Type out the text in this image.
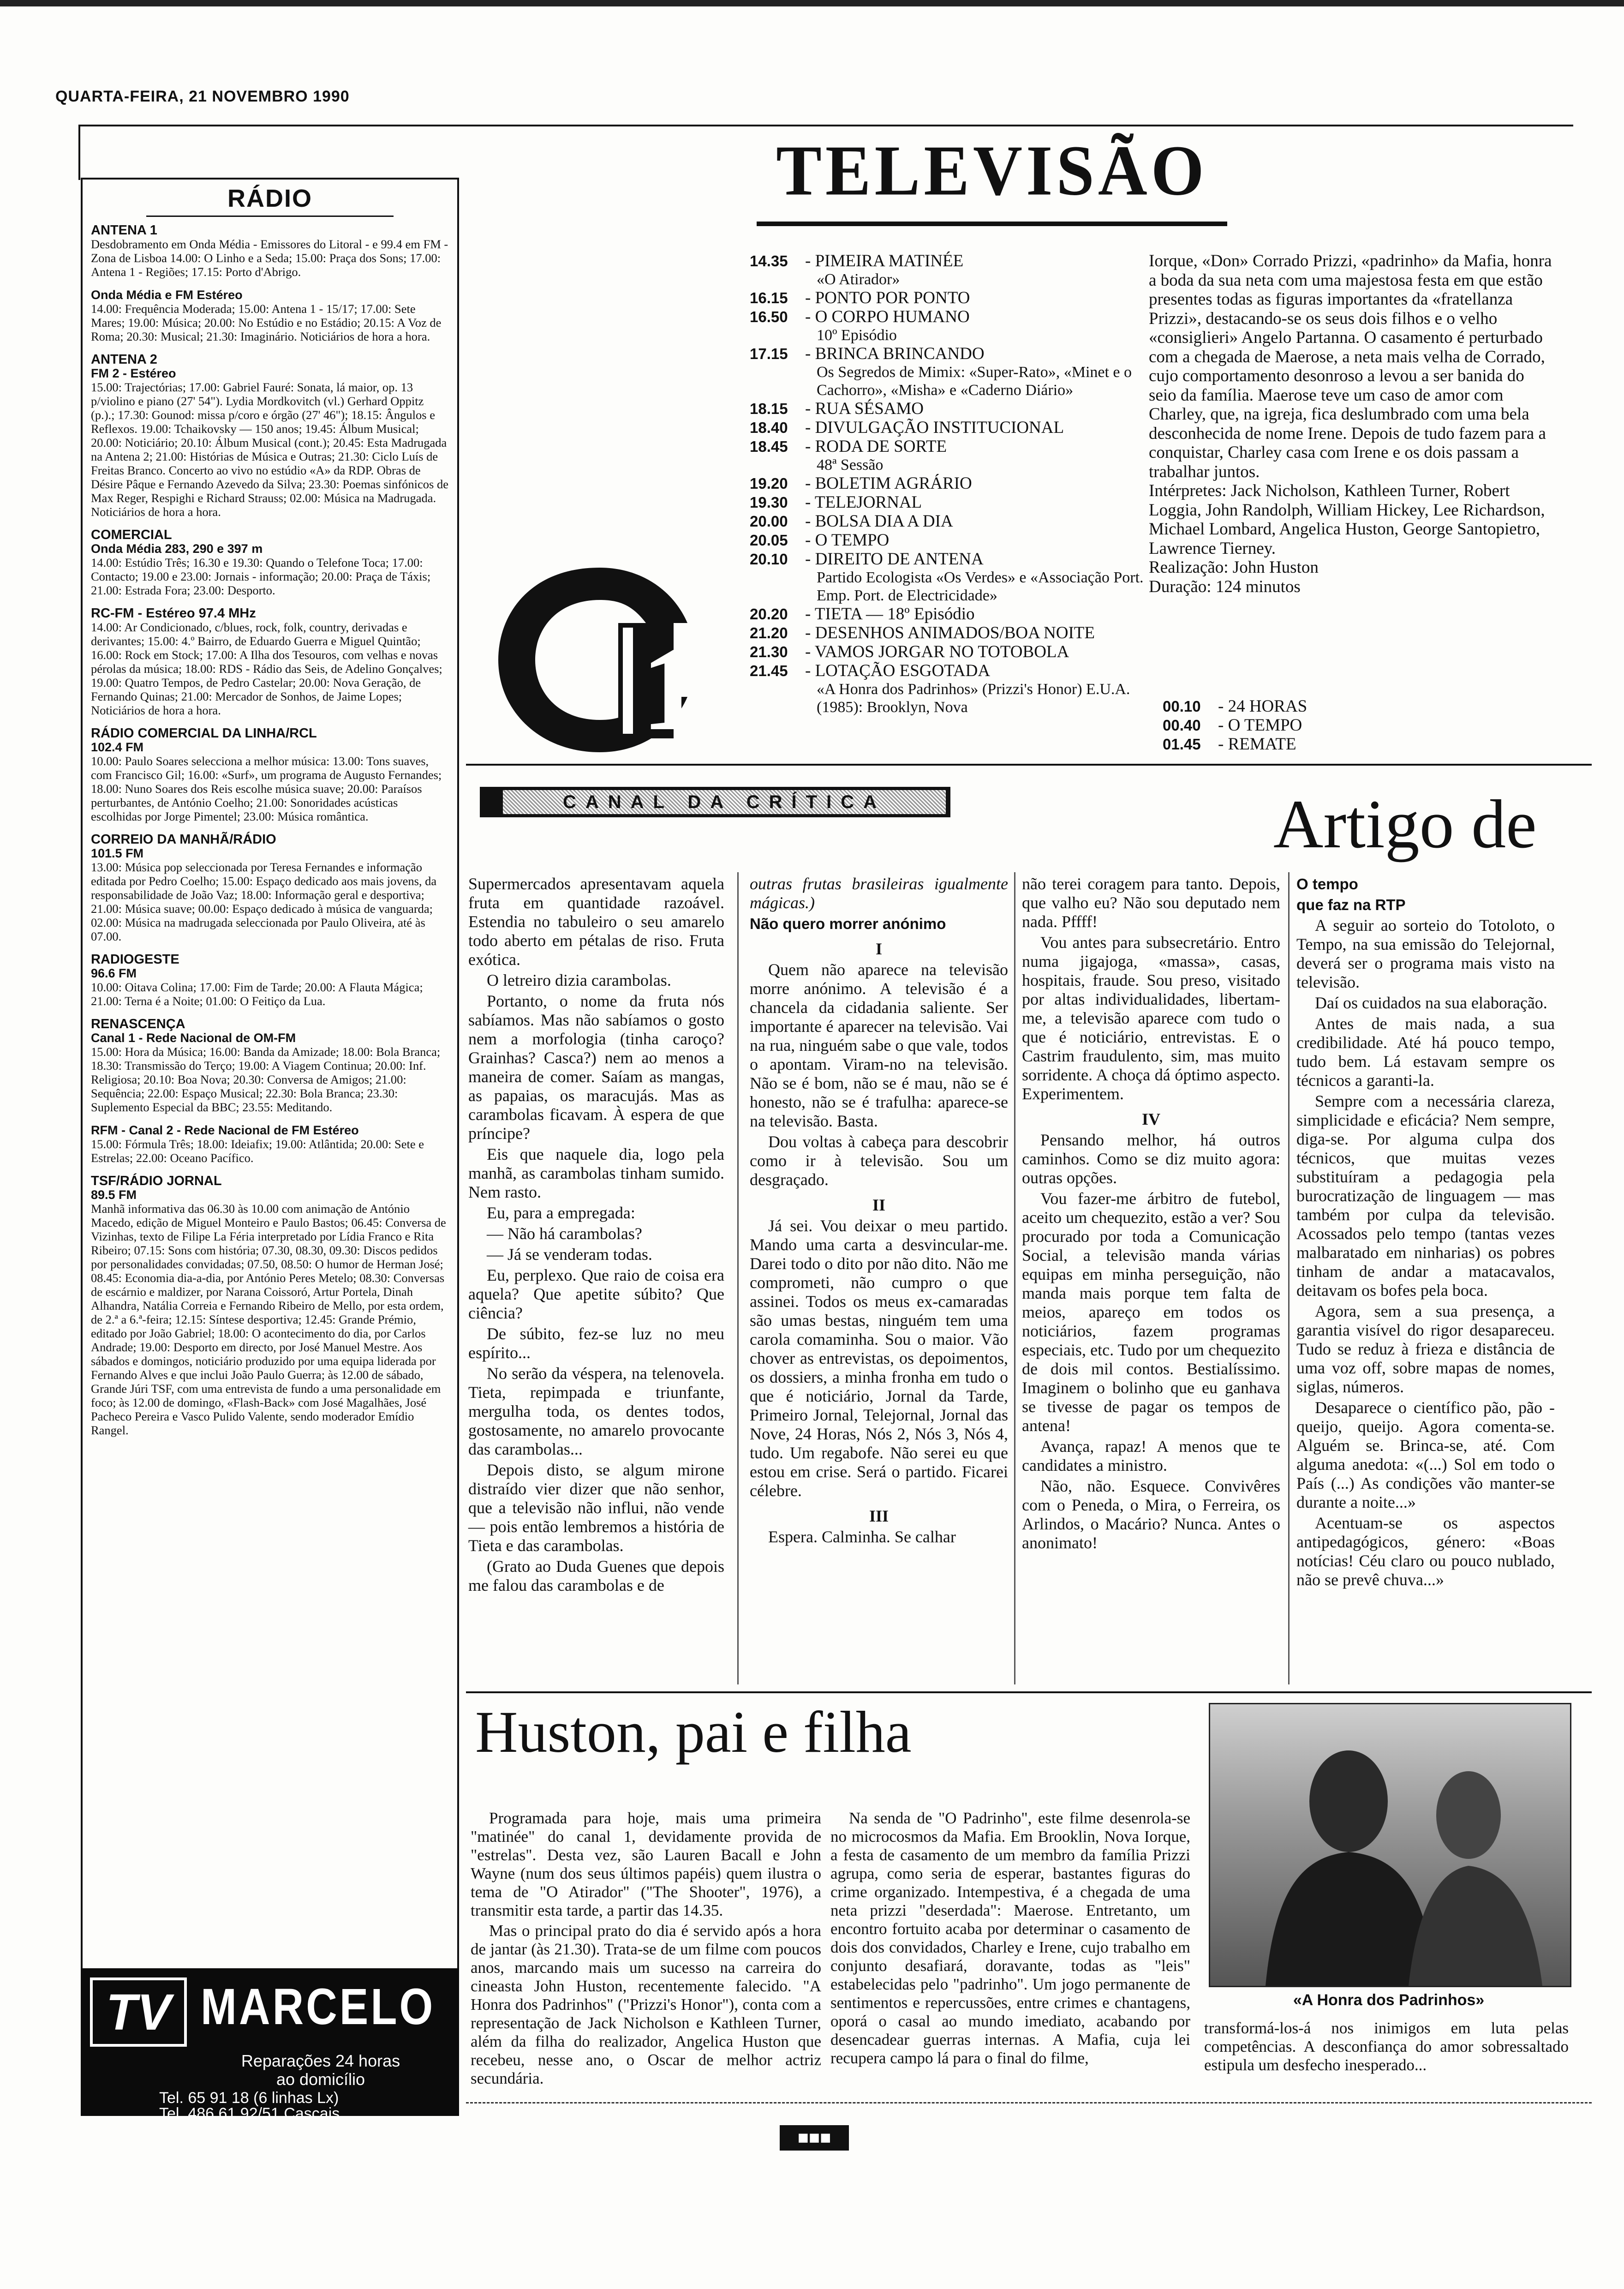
QUARTA-FEIRA, 21 NOVEMBRO 1990
RÁDIO
ANTENA 1
Desdobramento em Onda Média - Emissores do Litoral - e 99.4 em FM - Zona de Lisboa 14.00: O Linho e a Seda; 15.00: Praça dos Sons; 17.00: Antena 1 - Regiões; 17.15: Porto d'Abrigo.
Onda Média e FM Estéreo
14.00: Frequência Moderada; 15.00: Antena 1 - 15/17; 17.00: Sete Mares; 19.00: Música; 20.00: No Estúdio e no Estádio; 20.15: A Voz de Roma; 20.30: Musical; 21.30: Imaginário. Noticiários de hora a hora.
ANTENA 2
FM 2 - Estéreo
15.00: Trajectórias; 17.00: Gabriel Fauré: Sonata, lá maior, op. 13 p/violino e piano (27' 54"). Lydia Mordkovitch (vl.) Gerhard Oppitz (p.).; 17.30: Gounod: missa p/coro e órgão (27' 46"); 18.15: Ângulos e Reflexos. 19.00: Tchaikovsky — 150 anos; 19.45: Álbum Musical; 20.00: Noticiário; 20.10: Álbum Musical (cont.); 20.45: Esta Madrugada na Antena 2; 21.00: Histórias de Música e Outras; 21.30: Ciclo Luís de Freitas Branco. Concerto ao vivo no estúdio «A» da RDP. Obras de Désire Pâque e Fernando Azevedo da Silva; 23.30: Poemas sinfónicos de Max Reger, Respighi e Richard Strauss; 02.00: Música na Madrugada. Noticiários de hora a hora.
COMERCIAL
Onda Média 283, 290 e 397 m
14.00: Estúdio Três; 16.30 e 19.30: Quando o Telefone Toca; 17.00: Contacto; 19.00 e 23.00: Jornais - informação; 20.00: Praça de Táxis; 21.00: Estrada Fora; 23.00: Desporto.
RC-FM - Estéreo 97.4 MHz
14.00: Ar Condicionado, c/blues, rock, folk, country, derivadas e derivantes; 15.00: 4.º Bairro, de Eduardo Guerra e Miguel Quintão; 16.00: Rock em Stock; 17.00: A Ilha dos Tesouros, com velhas e novas pérolas da música; 18.00: RDS - Rádio das Seis, de Adelino Gonçalves; 19.00: Quatro Tempos, de Pedro Castelar; 20.00: Nova Geração, de Fernando Quinas; 21.00: Mercador de Sonhos, de Jaime Lopes; Noticiários de hora a hora.
RÁDIO COMERCIAL DA LINHA/RCL
102.4 FM
10.00: Paulo Soares selecciona a melhor música: 13.00: Tons suaves, com Francisco Gil; 16.00: «Surf», um programa de Augusto Fernandes; 18.00: Nuno Soares dos Reis escolhe música suave; 20.00: Paraísos perturbantes, de António Coelho; 21.00: Sonoridades acústicas escolhidas por Jorge Pimentel; 23.00: Música romântica.
CORREIO DA MANHÃ/RÁDIO
101.5 FM
13.00: Música pop seleccionada por Teresa Fernandes e informação editada por Pedro Coelho; 15.00: Espaço dedicado aos mais jovens, da responsabilidade de João Vaz; 18.00: Informação geral e desportiva; 21.00: Música suave; 00.00: Espaço dedicado à música de vanguarda; 02.00: Música na madrugada seleccionada por Paulo Oliveira, até às 07.00.
RADIOGESTE
96.6 FM
10.00: Oitava Colina; 17.00: Fim de Tarde; 20.00: A Flauta Mágica; 21.00: Terna é a Noite; 01.00: O Feitiço da Lua.
RENASCENÇA
Canal 1 - Rede Nacional de OM-FM
15.00: Hora da Música; 16.00: Banda da Amizade; 18.00: Bola Branca; 18.30: Transmissão do Terço; 19.00: A Viagem Continua; 20.00: Inf. Religiosa; 20.10: Boa Nova; 20.30: Conversa de Amigos; 21.00: Sequência; 22.00: Espaço Musical; 22.30: Bola Branca; 23.30: Suplemento Especial da BBC; 23.55: Meditando.
RFM - Canal 2 - Rede Nacional de FM Estéreo
15.00: Fórmula Três; 18.00: Ideiafix; 19.00: Atlântida; 20.00: Sete e Estrelas; 22.00: Oceano Pacífico.
TSF/RÁDIO JORNAL
89.5 FM
Manhã informativa das 06.30 às 10.00 com animação de António Macedo, edição de Miguel Monteiro e Paulo Bastos; 06.45: Conversa de Vizinhas, texto de Filipe La Féria interpretado por Lídia Franco e Rita Ribeiro; 07.15: Sons com história; 07.30, 08.30, 09.30: Discos pedidos por personalidades convidadas; 07.50, 08.50: O humor de Herman José; 08.45: Economia dia-a-dia, por António Peres Metelo; 08.30: Conversas de escárnio e maldizer, por Narana Coissoró, Artur Portela, Dinah Alhandra, Natália Correia e Fernando Ribeiro de Mello, por esta ordem, de 2.ª a 6.ª-feira; 12.15: Síntese desportiva; 12.45: Grande Prémio, editado por João Gabriel; 18.00: O acontecimento do dia, por Carlos Andrade; 19.00: Desporto em directo, por José Manuel Mestre. Aos sábados e domingos, noticiário produzido por uma equipa liderada por Fernando Alves e que inclui João Paulo Guerra; às 12.00 de sábado, Grande Júri TSF, com uma entrevista de fundo a uma personalidade em foco; às 12.00 de domingo, «Flash-Back» com José Magalhães, José Pacheco Pereira e Vasco Pulido Valente, sendo moderador Emídio Rangel.
TELEVISÃO
1
14.35	- PIMEIRA MATINÉE
«O Atirador»
16.15	- PONTO POR PONTO
16.50	- O CORPO HUMANO
10º Episódio
17.15	- BRINCA BRINCANDO
Os Segredos de Mimix: «Super-Rato», «Minet e o Cachorro», «Misha» e «Caderno Diário»
18.15	- RUA SÉSAMO
18.40	- DIVULGAÇÃO INSTITUCIONAL
18.45	- RODA DE SORTE
48ª Sessão
19.20	- BOLETIM AGRÁRIO
19.30	- TELEJORNAL
20.00	- BOLSA DIA A DIA
20.05	- O TEMPO
20.10	- DIREITO DE ANTENA
Partido Ecologista «Os Verdes» e «Associação Port. Emp. Port. de Electricidade»
20.20	- TIETA — 18º Episódio
21.20	- DESENHOS ANIMADOS/BOA NOITE
21.30	- VAMOS JORGAR NO TOTOBOLA
21.45	- LOTAÇÃO ESGOTADA
«A Honra dos Padrinhos» (Prizzi's Honor) E.U.A. (1985): Brooklyn, Nova

Iorque, «Don» Corrado Prizzi, «padrinho» da Mafia, honra a boda da sua neta com uma majestosa festa em que estão presentes todas as figuras importantes da «fratellanza Prizzi», destacando-se os seus dois filhos e o velho «consiglieri» Angelo Partanna. O casamento é perturbado com a chegada de Maerose, a neta mais velha de Corrado, cujo comportamento desonroso a levou a ser banida do seio da família. Maerose teve um caso de amor com Charley, que, na igreja, fica deslumbrado com uma bela desconhecida de nome Irene. Depois de tudo fazem para a conquistar, Charley casa com Irene e os dois passam a trabalhar juntos.

Intérpretes: Jack Nicholson, Kathleen Turner, Robert Loggia, John Randolph, William Hickey, Lee Richardson, Michael Lombard, Angelica Huston, George Santopietro, Lawrence Tierney.

Realização: John Huston

Duração: 124 minutos

00.10	- 24 HORAS
00.40	- O TEMPO
01.45	- REMATE
CANAL DA CRÍTICA	Artigo de

Supermercados apresentavam aquela fruta em quantidade razoável. Estendia no tabuleiro o seu amarelo todo aberto em pétalas de riso. Fruta exótica.

O letreiro dizia carambolas.

Portanto, o nome da fruta nós sabíamos. Mas não sabíamos o gosto nem a morfologia (tinha caroço? Grainhas? Casca?) nem ao menos a maneira de comer. Saíam as mangas, as papaias, os maracujás. Mas as carambolas ficavam. À espera de que príncipe?

Eis que naquele dia, logo pela manhã, as carambolas tinham sumido. Nem rasto.

Eu, para a empregada:

— Não há carambolas?

— Já se venderam todas.

Eu, perplexo. Que raio de coisa era aquela? Que apetite súbito? Que ciência?

De súbito, fez-se luz no meu espírito...

No serão da véspera, na telenovela. Tieta, repimpada e triunfante, mergulha toda, os dentes todos, gostosamente, no amarelo provocante das carambolas...

Depois disto, se algum mirone distraído vier dizer que não senhor, que a televisão não influi, não vende — pois então lembremos a história de Tieta e das carambolas.

(Grato ao Duda Guenes que depois me falou das carambolas e de

outras frutas brasileiras igualmente mágicas.)

Não quero morrer anónimo

I

Quem não aparece na televisão morre anónimo. A televisão é a chancela da cidadania saliente. Ser importante é aparecer na televisão. Vai na rua, ninguém sabe o que vale, todos o apontam. Viram-no na televisão. Não se é bom, não se é mau, não se é honesto, não se é trafulha: aparece-se na televisão. Basta.

Dou voltas à cabeça para descobrir como ir à televisão. Sou um desgraçado.

II

Já sei. Vou deixar o meu partido. Mando uma carta a desvincular-me. Darei todo o dito por não dito. Não me comprometi, não cumpro o que assinei. Todos os meus ex-camaradas são umas bestas, ninguém tem uma carola comaminha. Sou o maior. Vão chover as entrevistas, os depoimentos, os dossiers, a minha fronha em tudo o que é noticiário, Jornal da Tarde, Primeiro Jornal, Telejornal, Jornal das Nove, 24 Horas, Nós 2, Nós 3, Nós 4, tudo. Um regabofe. Não serei eu que estou em crise. Será o partido. Ficarei célebre.

III

Espera. Calminha. Se calhar

não terei coragem para tanto. Depois, que valho eu? Não sou deputado nem nada. Pffff!

Vou antes para subsecretário. Entro numa jigajoga, «massa», casas, hospitais, fraude. Sou preso, visitado por altas individualidades, libertam-me, a televisão aparece com tudo o que é noticiário, entrevistas. E o Castrim fraudulento, sim, mas muito sorridente. A choça dá óptimo aspecto. Experimentem.

IV

Pensando melhor, há outros caminhos. Como se diz muito agora: outras opções.

Vou fazer-me árbitro de futebol, aceito um chequezito, estão a ver? Sou procurado por toda a Comunicação Social, a televisão manda várias equipas em minha perseguição, não manda mais porque tem falta de meios, apareço em todos os noticiários, fazem programas especiais, etc. Tudo por um chequezito de dois mil contos. Bestialíssimo. Imaginem o bolinho que eu ganhava se tivesse de pagar os tempos de antena!

Avança, rapaz! A menos que te candidates a ministro.

Não, não. Esquece. Convivêres com o Peneda, o Mira, o Ferreira, os Arlindos, o Macário? Nunca. Antes o anonimato!

O tempo

que faz na RTP

A seguir ao sorteio do Totoloto, o Tempo, na sua emissão do Telejornal, deverá ser o programa mais visto na televisão.

Daí os cuidados na sua elaboração.

Antes de mais nada, a sua credibilidade. Até há pouco tempo, tudo bem. Lá estavam sempre os técnicos a garanti-la.

Sempre com a necessária clareza, simplicidade e eficácia? Nem sempre, diga-se. Por alguma culpa dos técnicos, que muitas vezes substituíram a pedagogia pela burocratização de linguagem — mas também por culpa da televisão. Acossados pelo tempo (tantas vezes malbaratado em ninharias) os pobres tinham de andar a matacavalos, deitavam os bofes pela boca.

Agora, sem a sua presença, a garantia visível do rigor desapareceu. Tudo se reduz à frieza e distância de uma voz off, sobre mapas de nomes, siglas, números.

Desaparece o científico pão, pão - queijo, queijo. Agora comenta-se. Alguém se. Brinca-se, até. Com alguma anedota: «(...) Sol em todo o País (...) As condições vão manter-se durante a noite...»

Acentuam-se os aspectos antipedagógicos, género: «Boas notícias! Céu claro ou pouco nublado, não se prevê chuva...»

Huston, pai e filha

Programada para hoje, mais uma primeira "matinée" do canal 1, devidamente provida de "estrelas". Desta vez, são Lauren Bacall e John Wayne (num dos seus últimos papéis) quem ilustra o tema de "O Atirador" ("The Shooter", 1976), a transmitir esta tarde, a partir das 14.35.

Mas o principal prato do dia é servido após a hora de jantar (às 21.30). Trata-se de um filme com poucos anos, marcando mais um sucesso na carreira do cineasta John Huston, recentemente falecido. "A Honra dos Padrinhos" ("Prizzi's Honor"), conta com a representação de Jack Nicholson e Kathleen Turner, além da filha do realizador, Angelica Huston que recebeu, nesse ano, o Oscar de melhor actriz secundária.

Na senda de "O Padrinho", este filme desenrola-se no microcosmos da Mafia. Em Brooklin, Nova Iorque, a festa de casamento de um membro da família Prizzi agrupa, como seria de esperar, bastantes figuras do crime organizado. Intempestiva, é a chegada de uma neta prizzi "deserdada": Maerose. Entretanto, um encontro fortuito acaba por determinar o casamento de dois dos convidados, Charley e Irene, cujo trabalho em conjunto desafiará, doravante, todas as "leis" estabelecidas pelo "padrinho". Um jogo permanente de sentimentos e repercussões, entre crimes e chantagens, oporá o casal ao mundo imediato, acabando por desencadear guerras internas. A Mafia, cuja lei recupera campo lá para o final do filme,

«A Honra dos Padrinhos»

transformá-los-á nos inimigos em luta pelas competências. A desconfiança do amor sobressaltado estipula um desfecho inesperado...

TV MARCELO
Reparações 24 horas
ao domicílio
Tel. 65 91 18 (6 linhas Lx)
Tel. 486 61 92/51 Cascais
■■■
